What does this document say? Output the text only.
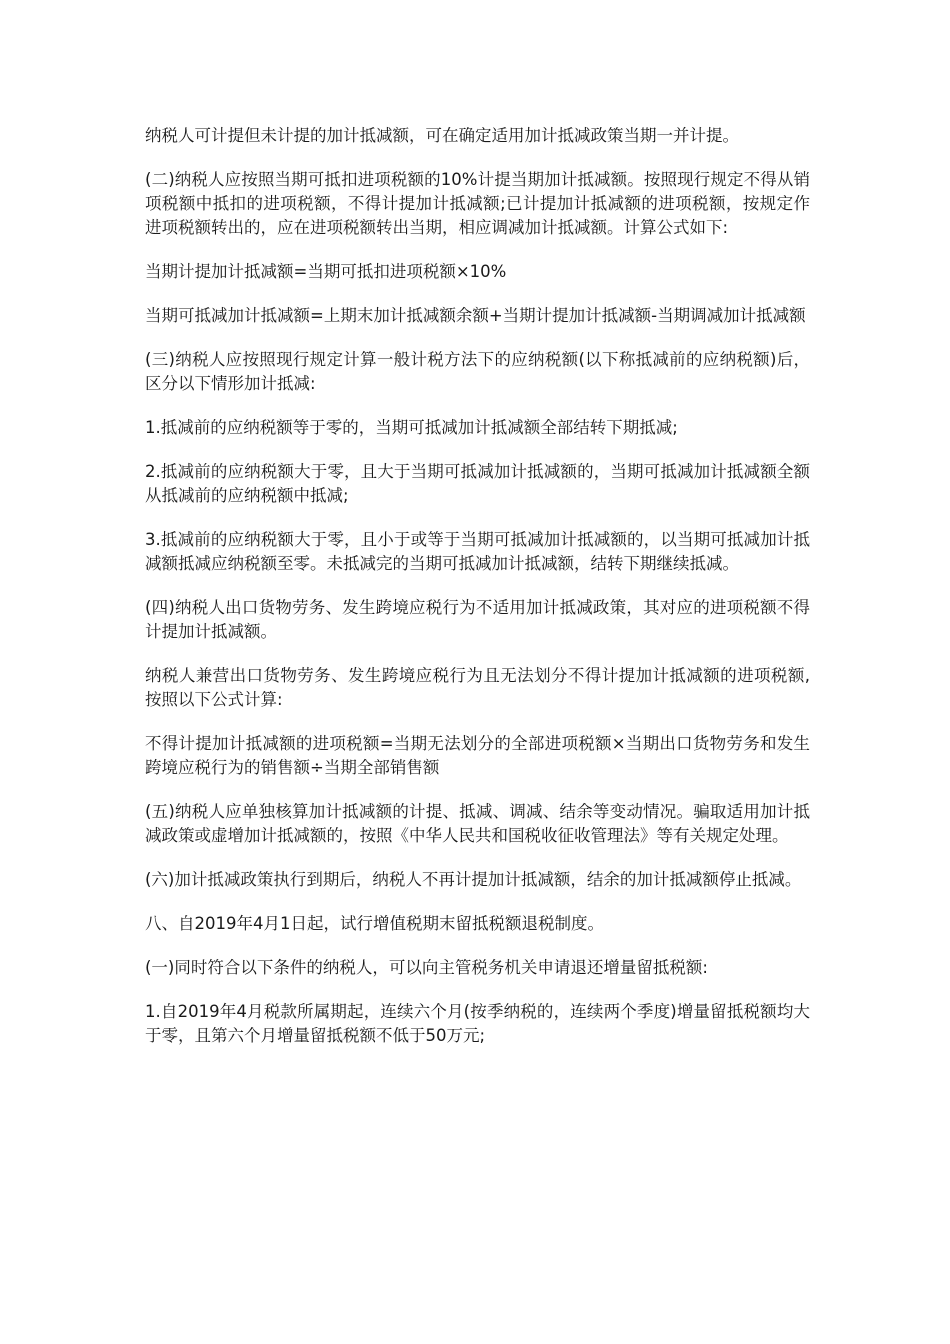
纳税人可计提但未计提的加计抵减额，可在确定适用加计抵减政策当期一并计提。

(二)纳税人应按照当期可抵扣进项税额的10%计提当期加计抵减额。按照现行规定不得从销项税额中抵扣的进项税额，不得计提加计抵减额;已计提加计抵减额的进项税额，按规定作进项税额转出的，应在进项税额转出当期，相应调减加计抵减额。计算公式如下:

当期计提加计抵减额=当期可抵扣进项税额×10%

当期可抵减加计抵减额=上期末加计抵减额余额+当期计提加计抵减额-当期调减加计抵减额

(三)纳税人应按照现行规定计算一般计税方法下的应纳税额(以下称抵减前的应纳税额)后，区分以下情形加计抵减:

1.抵减前的应纳税额等于零的，当期可抵减加计抵减额全部结转下期抵减;

2.抵减前的应纳税额大于零，且大于当期可抵减加计抵减额的，当期可抵减加计抵减额全额从抵减前的应纳税额中抵减;

3.抵减前的应纳税额大于零，且小于或等于当期可抵减加计抵减额的，以当期可抵减加计抵减额抵减应纳税额至零。未抵减完的当期可抵减加计抵减额，结转下期继续抵减。

(四)纳税人出口货物劳务、发生跨境应税行为不适用加计抵减政策，其对应的进项税额不得计提加计抵减额。

纳税人兼营出口货物劳务、发生跨境应税行为且无法划分不得计提加计抵减额的进项税额,按照以下公式计算:

不得计提加计抵减额的进项税额=当期无法划分的全部进项税额×当期出口货物劳务和发生跨境应税行为的销售额÷当期全部销售额

(五)纳税人应单独核算加计抵减额的计提、抵减、调减、结余等变动情况。骗取适用加计抵减政策或虚增加计抵减额的，按照《中华人民共和国税收征收管理法》等有关规定处理。

(六)加计抵减政策执行到期后，纳税人不再计提加计抵减额，结余的加计抵减额停止抵减。

八、自2019年4月1日起，试行增值税期末留抵税额退税制度。

(一)同时符合以下条件的纳税人，可以向主管税务机关申请退还增量留抵税额:

1.自2019年4月税款所属期起，连续六个月(按季纳税的，连续两个季度)增量留抵税额均大于零，且第六个月增量留抵税额不低于50万元;
